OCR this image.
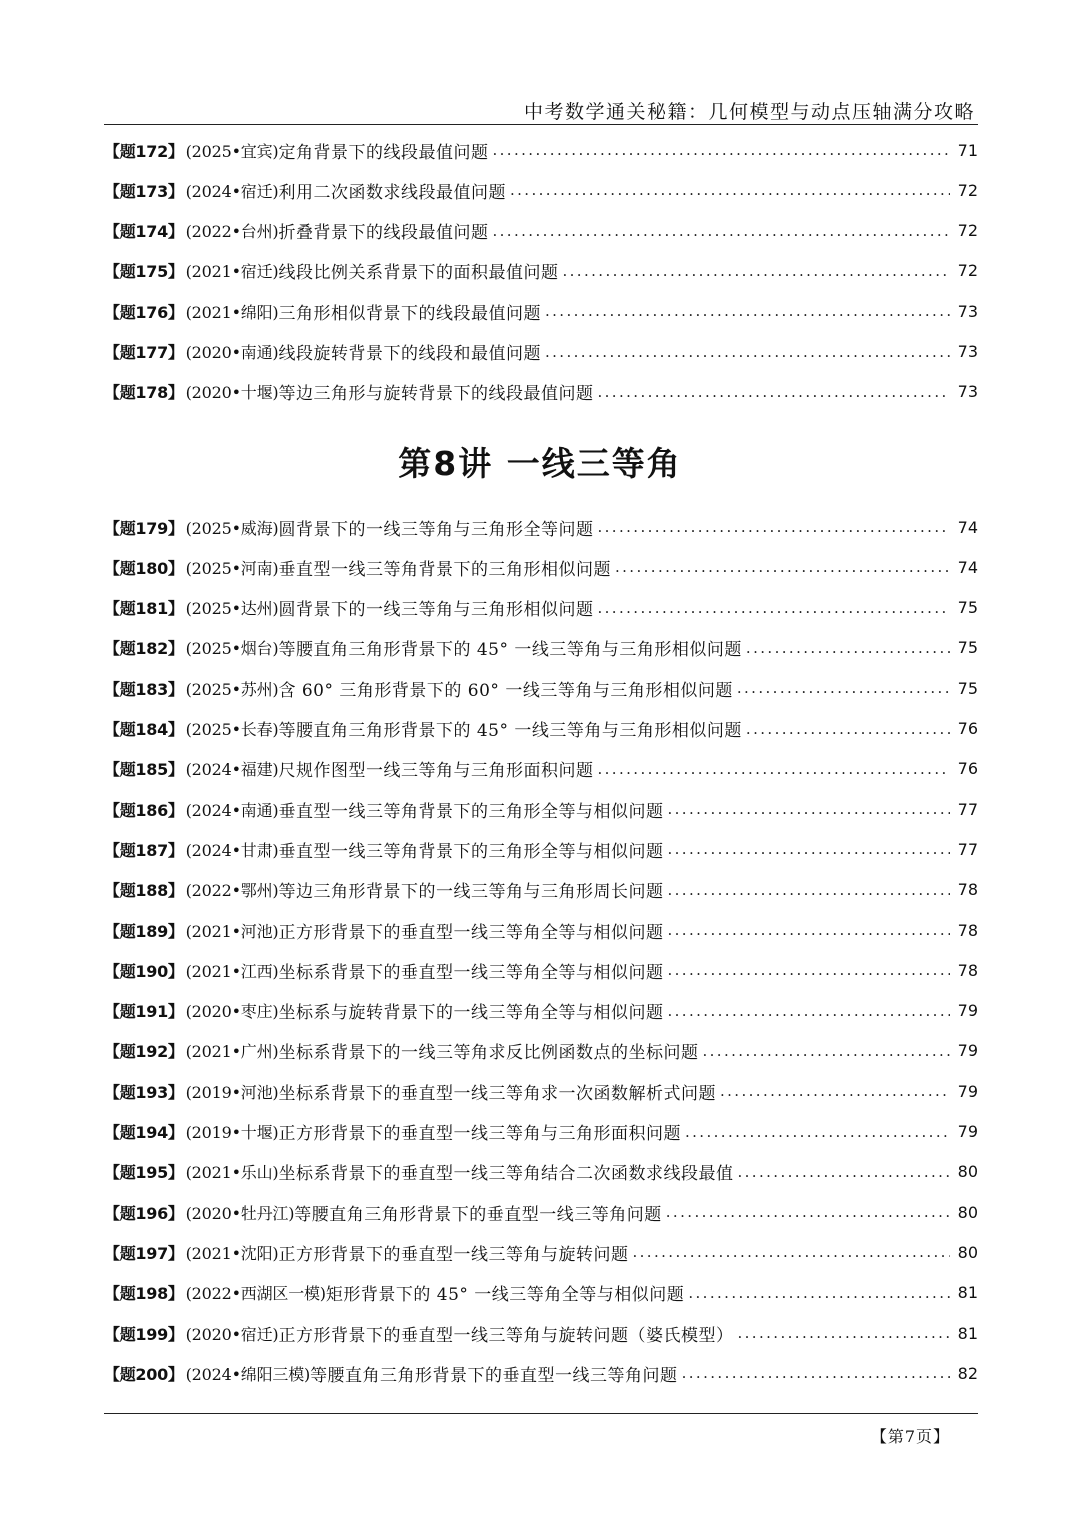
中考数学通关秘籍：几何模型与动点压轴满分攻略
【题172】 (2025•宜宾) 定角背景下的线段最值问题 .....	71
【题173】 (2024•宿迁) 利用二次函数求线段最值问题 .....	72
【题174】 (2022•台州) 折叠背景下的线段最值问题 .....	72
【题175】 (2021•宿迁) 线段比例关系背景下的面积最值问题 .....	72
【题176】 (2021•绵阳) 三角形相似背景下的线段最值问题 .....	73
【题177】 (2020•南通) 线段旋转背景下的线段和最值问题 .....	73
【题178】 (2020•十堰) 等边三角形与旋转背景下的线段最值问题 .....	73
第8讲 一线三等角
【题179】 (2025•威海) 圆背景下的一线三等角与三角形全等问题 .....	74
【题180】 (2025•河南) 垂直型一线三等角背景下的三角形相似问题 .....	74
【题181】 (2025•达州) 圆背景下的一线三等角与三角形相似问题 .....	75
【题182】 (2025•烟台) 等腰直角三角形背景下的 45° 一线三等角与三角形相似问题 .....	75
【题183】 (2025•苏州) 含 60° 三角形背景下的 60° 一线三等角与三角形相似问题 .....	75
【题184】 (2025•长春) 等腰直角三角形背景下的 45° 一线三等角与三角形相似问题 .....	76
【题185】 (2024•福建) 尺规作图型一线三等角与三角形面积问题 .....	76
【题186】 (2024•南通) 垂直型一线三等角背景下的三角形全等与相似问题 .....	77
【题187】 (2024•甘肃) 垂直型一线三等角背景下的三角形全等与相似问题 .....	77
【题188】 (2022•鄂州) 等边三角形背景下的一线三等角与三角形周长问题 .....	78
【题189】 (2021•河池) 正方形背景下的垂直型一线三等角全等与相似问题 .....	78
【题190】 (2021•江西) 坐标系背景下的垂直型一线三等角全等与相似问题 .....	78
【题191】 (2020•枣庄) 坐标系与旋转背景下的一线三等角全等与相似问题 .....	79
【题192】 (2021•广州) 坐标系背景下的一线三等角求反比例函数点的坐标问题 .....	79
【题193】 (2019•河池) 坐标系背景下的垂直型一线三等角求一次函数解析式问题 .....	79
【题194】 (2019•十堰) 正方形背景下的垂直型一线三等角与三角形面积问题 .....	79
【题195】 (2021•乐山) 坐标系背景下的垂直型一线三等角结合二次函数求线段最值 .....	80
【题196】 (2020•牡丹江) 等腰直角三角形背景下的垂直型一线三等角问题 .....	80
【题197】 (2021•沈阳) 正方形背景下的垂直型一线三等角与旋转问题 .....	80
【题198】 (2022•西湖区一模) 矩形背景下的 45° 一线三等角全等与相似问题 .....	81
【题199】 (2020•宿迁) 正方形背景下的垂直型一线三等角与旋转问题（婆氏模型） .....	81
【题200】 (2024•绵阳三模) 等腰直角三角形背景下的垂直型一线三等角问题 .....	82
【第7页】
